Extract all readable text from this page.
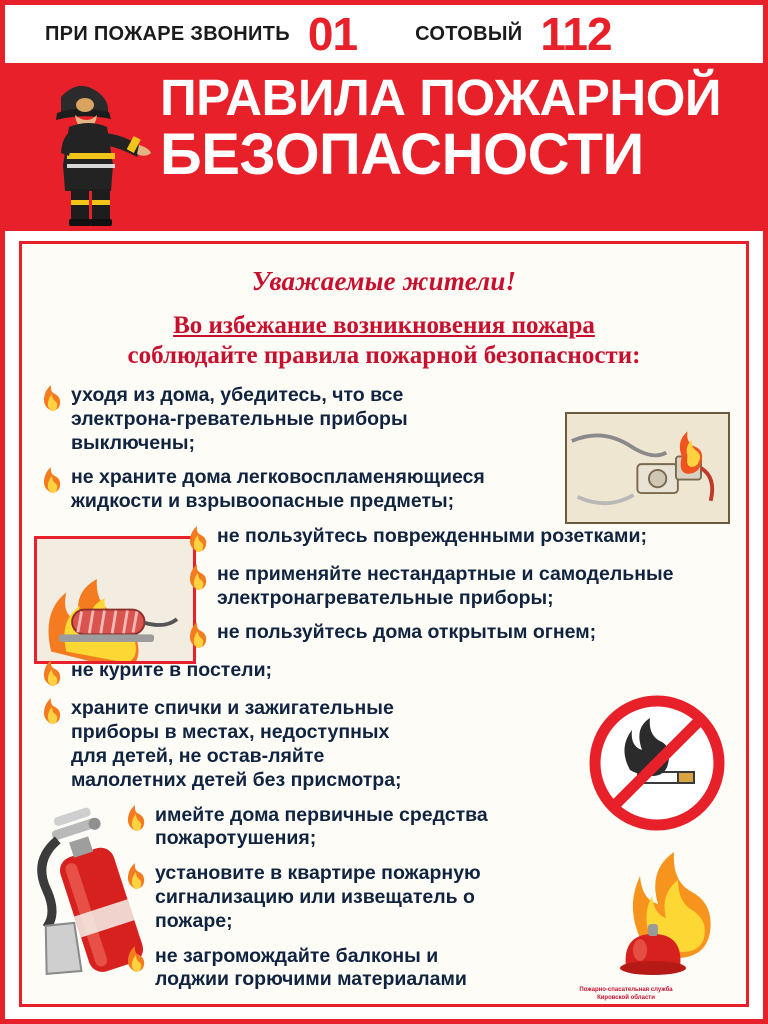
ПРИ ПОЖАРЕ ЗВОНИТЬ 01	СОТОВЫЙ 112
ПРАВИЛА ПОЖАРНОЙ
БЕЗОПАСНОСТИ
Уважаемые жители!
Во избежание возникновения пожара
соблюдайте правила пожарной безопасности:
уходя из дома, убедитесь, что все электрона-гревательные приборы выключены;
не храните дома легковоспламеняющиеся жидкости и взрывоопасные предметы;
не пользуйтесь поврежденными розетками;
не применяйте нестандартные и самодельные электронагревательные приборы;
не пользуйтесь дома открытым огнем;
не курите в постели;
храните спички и зажигательные приборы в местах, недоступных для детей, не остав-ляйте малолетних детей без присмотра;
имейте дома первичные средства пожаротушения;
установите в квартире пожарную сигнализацию или извещатель о пожаре;
не загромождайте балконы и лоджии горючими материалами	Пожарно-спасательная служба
Кировской области
